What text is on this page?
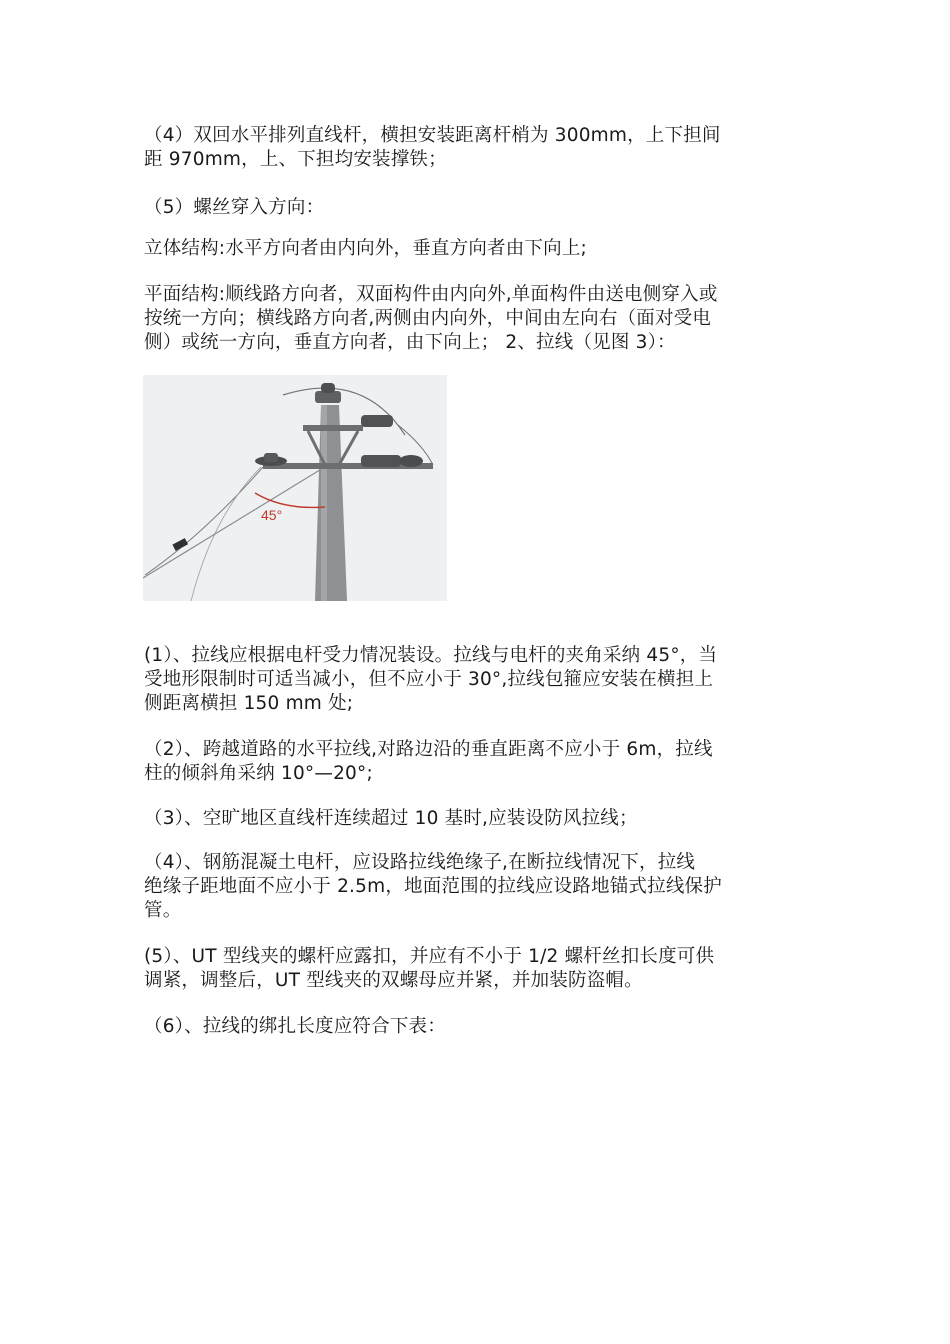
（4）双回水平排列直线杆，横担安装距离杆梢为 300mm，上下担间
距 970mm，上、下担均安装撑铁；
（5）螺丝穿入方向：
立体结构:水平方向者由内向外，垂直方向者由下向上;
平面结构:顺线路方向者，双面构件由内向外,单面构件由送电侧穿入或
按统一方向；横线路方向者,两侧由内向外，中间由左向右（面对受电
侧）或统一方向，垂直方向者，由下向上； 2、拉线（见图 3）：
45°
(1）、拉线应根据电杆受力情况装设。拉线与电杆的夹角采纳 45°，当
受地形限制时可适当减小，但不应小于 30°,拉线包箍应安装在横担上
侧距离横担 150 mm 处;
（2）、跨越道路的水平拉线,对路边沿的垂直距离不应小于 6m，拉线
柱的倾斜角采纳 10°—20°;
（3）、空旷地区直线杆连续超过 10 基时,应装设防风拉线；
（4）、钢筋混凝土电杆，应设路拉线绝缘子,在断拉线情况下，拉线
绝缘子距地面不应小于 2.5m，地面范围的拉线应设路地锚式拉线保护
管。
(5）、UT 型线夹的螺杆应露扣，并应有不小于 1/2 螺杆丝扣长度可供
调紧，调整后，UT 型线夹的双螺母应并紧，并加装防盗帽。
（6）、拉线的绑扎长度应符合下表：
